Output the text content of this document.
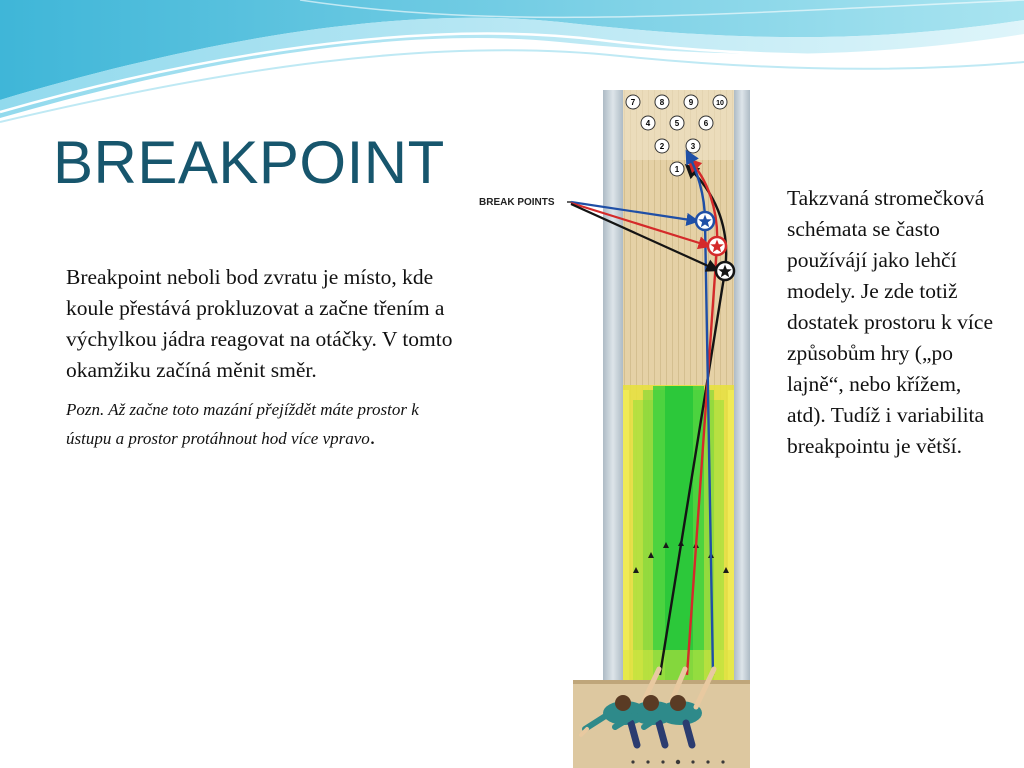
BREAKPOINT

Breakpoint neboli bod zvratu je místo, kde koule přestává prokluzovat a začne třením a výchylkou jádra reagovat na otáčky. V tomto okamžiku začíná měnit směr.

Pozn. Až začne toto mazání přejíždět máte prostor k ústupu a prostor protáhnout hod více vpravo.

Takzvaná stromečková schémata se často používájí jako lehčí modely. Je zde totiž dostatek prostoru k více způsobům hry („po lajně“, nebo křížem, atd). Tudíž i variabilita breakpointu je větší.

7	8	9	10
4	5	6
2	3
1
BREAK POINTS
